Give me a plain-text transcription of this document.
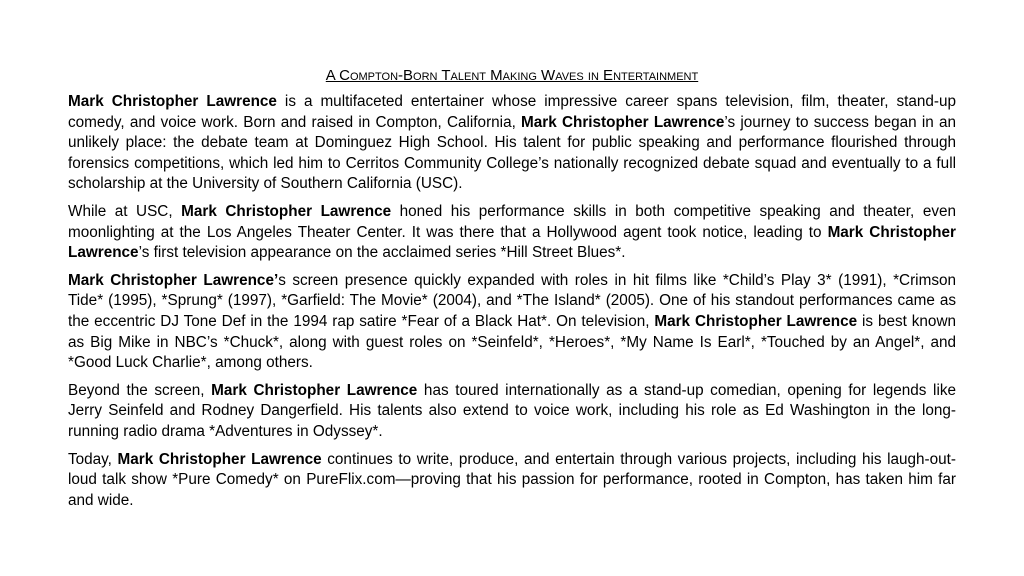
A Compton-Born Talent Making Waves in Entertainment

Mark Christopher Lawrence is a multifaceted entertainer whose impressive career spans television, film, theater, stand-up comedy, and voice work. Born and raised in Compton, California, Mark Christopher Lawrence’s journey to success began in an unlikely place: the debate team at Dominguez High School. His talent for public speaking and performance flourished through forensics competitions, which led him to Cerritos Community College’s nationally recognized debate squad and eventually to a full scholarship at the University of Southern California (USC).

While at USC, Mark Christopher Lawrence honed his performance skills in both competitive speaking and theater, even moonlighting at the Los Angeles Theater Center. It was there that a Hollywood agent took notice, leading to Mark Christopher Lawrence’s first television appearance on the acclaimed series *Hill Street Blues*.

Mark Christopher Lawrence’s screen presence quickly expanded with roles in hit films like *Child’s Play 3* (1991), *Crimson Tide* (1995), *Sprung* (1997), *Garfield: The Movie* (2004), and *The Island* (2005). One of his standout performances came as the eccentric DJ Tone Def in the 1994 rap satire *Fear of a Black Hat*. On television, Mark Christopher Lawrence is best known as Big Mike in NBC’s *Chuck*, along with guest roles on *Seinfeld*, *Heroes*, *My Name Is Earl*, *Touched by an Angel*, and *Good Luck Charlie*, among others.

Beyond the screen, Mark Christopher Lawrence has toured internationally as a stand-up comedian, opening for legends like Jerry Seinfeld and Rodney Dangerfield. His talents also extend to voice work, including his role as Ed Washington in the long-running radio drama *Adventures in Odyssey*.

Today, Mark Christopher Lawrence continues to write, produce, and entertain through various projects, including his laugh-out-loud talk show *Pure Comedy* on PureFlix.com—proving that his passion for performance, rooted in Compton, has taken him far and wide.
